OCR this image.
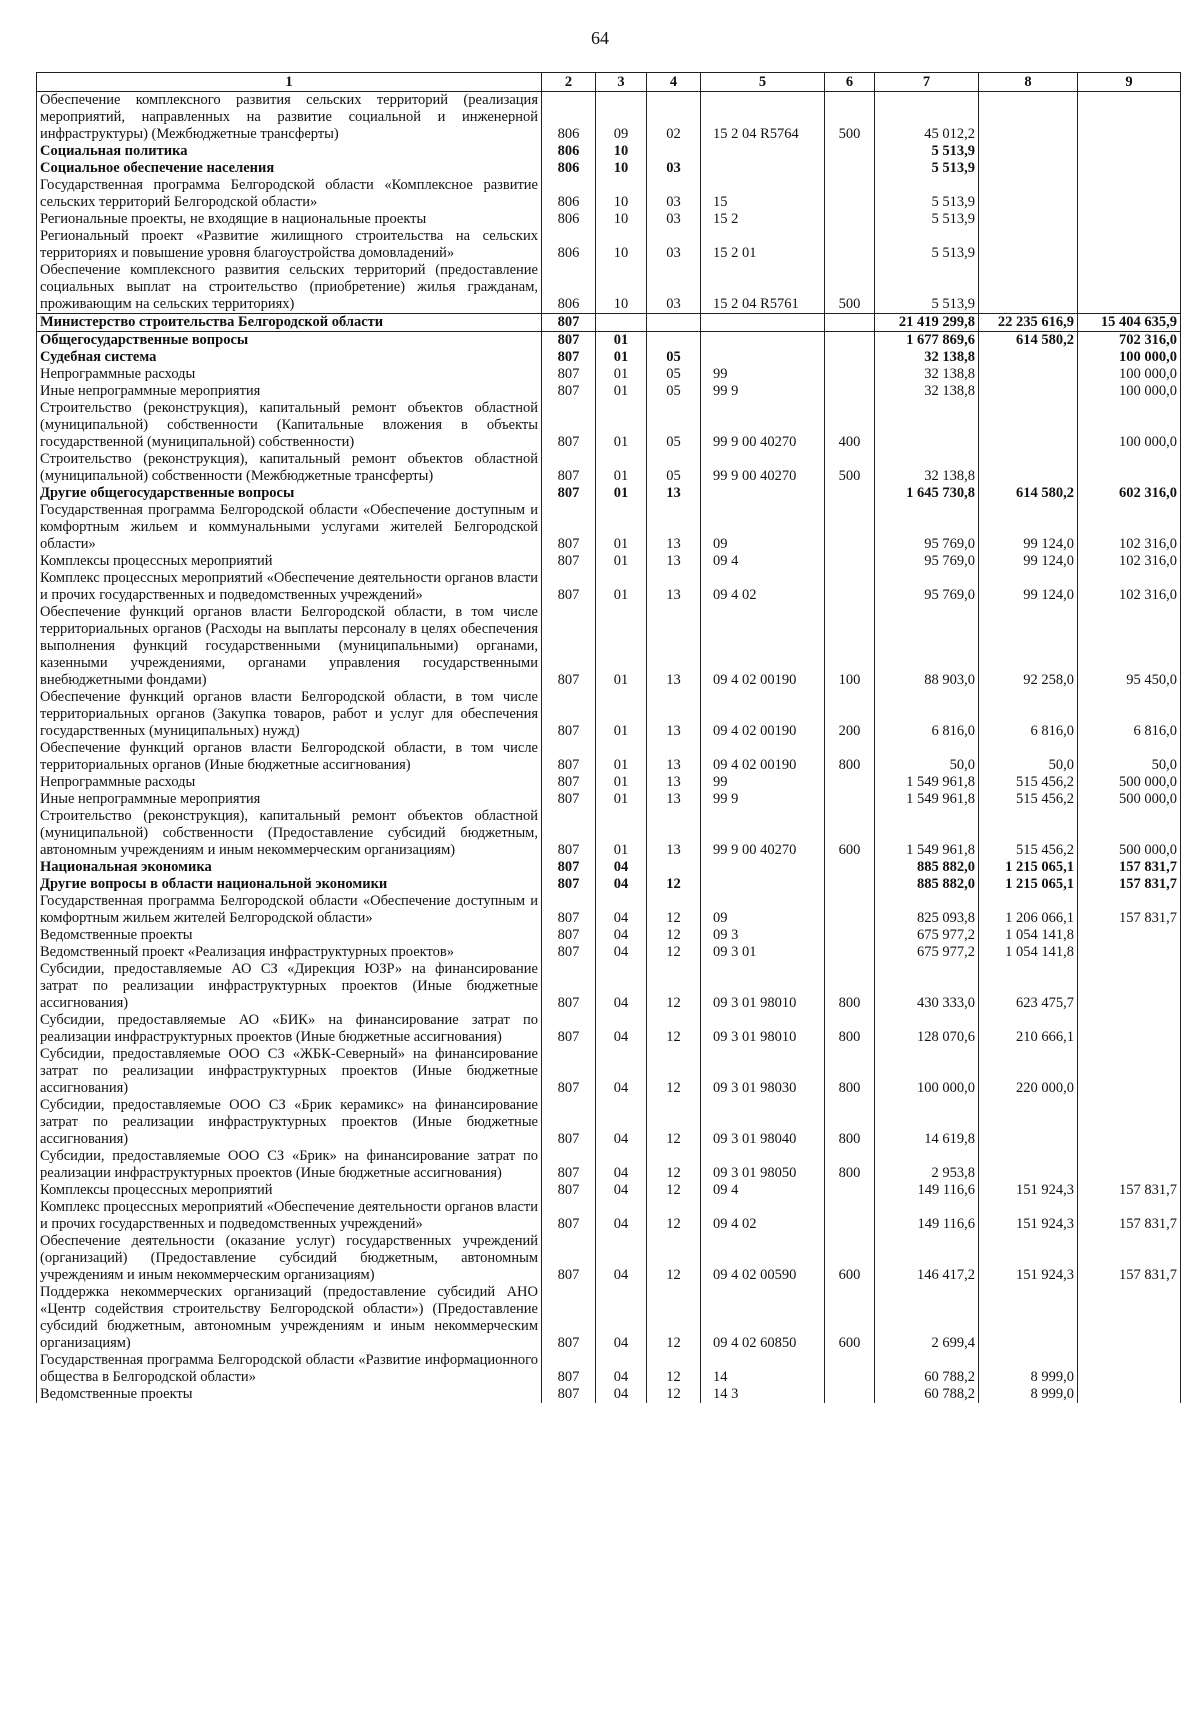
64
1	2	3	4	5	6	7	8	9
Обеспечение комплексного развития сельских территорий (реализация мероприятий, направленных на развитие социальной и инженерной инфраструктуры) (Межбюджетные трансферты)	806	09	02	15 2 04 R5764	500	45 012,2		
Социальная политика	806	10				5 513,9		
Социальное обеспечение населения	806	10	03			5 513,9		
Государственная программа Белгородской области «Комплексное развитие сельских территорий Белгородской области»	806	10	03	15		5 513,9		
Региональные проекты, не входящие в национальные проекты	806	10	03	15 2		5 513,9		
Региональный проект «Развитие жилищного строительства на сельских территориях и повышение уровня благоустройства домовладений»	806	10	03	15 2 01		5 513,9		
Обеспечение комплексного развития сельских территорий (предоставление социальных выплат на строительство (приобретение) жилья гражданам, проживающим на сельских территориях)	806	10	03	15 2 04 R5761	500	5 513,9		
Министерство строительства Белгородской области	807					21 419 299,8	22 235 616,9	15 404 635,9
Общегосударственные вопросы	807	01				1 677 869,6	614 580,2	702 316,0
Судебная система	807	01	05			32 138,8		100 000,0
Непрограммные расходы	807	01	05	99		32 138,8		100 000,0
Иные непрограммные мероприятия	807	01	05	99 9		32 138,8		100 000,0
Строительство (реконструкция), капитальный ремонт объектов областной (муниципальной) собственности (Капитальные вложения в объекты государственной (муниципальной) собственности)	807	01	05	99 9 00 40270	400			100 000,0
Строительство (реконструкция), капитальный ремонт объектов областной (муниципальной) собственности (Межбюджетные трансферты)	807	01	05	99 9 00 40270	500	32 138,8		
Другие общегосударственные вопросы	807	01	13			1 645 730,8	614 580,2	602 316,0
Государственная программа Белгородской области «Обеспечение доступным и комфортным жильем и коммунальными услугами жителей Белгородской области»	807	01	13	09		95 769,0	99 124,0	102 316,0
Комплексы процессных мероприятий	807	01	13	09 4		95 769,0	99 124,0	102 316,0
Комплекс процессных мероприятий «Обеспечение деятельности органов власти и прочих государственных и подведомственных учреждений»	807	01	13	09 4 02		95 769,0	99 124,0	102 316,0
Обеспечение функций органов власти Белгородской области, в том числе территориальных органов (Расходы на выплаты персоналу в целях обеспечения выполнения функций государственными (муниципальными) органами, казенными учреждениями, органами управления государственными внебюджетными фондами)	807	01	13	09 4 02 00190	100	88 903,0	92 258,0	95 450,0
Обеспечение функций органов власти Белгородской области, в том числе территориальных органов (Закупка товаров, работ и услуг для обеспечения государственных (муниципальных) нужд)	807	01	13	09 4 02 00190	200	6 816,0	6 816,0	6 816,0
Обеспечение функций органов власти Белгородской области, в том числе территориальных органов (Иные бюджетные ассигнования)	807	01	13	09 4 02 00190	800	50,0	50,0	50,0
Непрограммные расходы	807	01	13	99		1 549 961,8	515 456,2	500 000,0
Иные непрограммные мероприятия	807	01	13	99 9		1 549 961,8	515 456,2	500 000,0
Строительство (реконструкция), капитальный ремонт объектов областной (муниципальной) собственности (Предоставление субсидий бюджетным, автономным учреждениям и иным некоммерческим организациям)	807	01	13	99 9 00 40270	600	1 549 961,8	515 456,2	500 000,0
Национальная экономика	807	04				885 882,0	1 215 065,1	157 831,7
Другие вопросы в области национальной экономики	807	04	12			885 882,0	1 215 065,1	157 831,7
Государственная программа Белгородской области «Обеспечение доступным и комфортным жильем жителей Белгородской области»	807	04	12	09		825 093,8	1 206 066,1	157 831,7
Ведомственные проекты	807	04	12	09 3		675 977,2	1 054 141,8	
Ведомственный проект «Реализация инфраструктурных проектов»	807	04	12	09 3 01		675 977,2	1 054 141,8	
Субсидии, предоставляемые АО СЗ «Дирекция ЮЗР» на финансирование затрат по реализации инфраструктурных проектов (Иные бюджетные ассигнования)	807	04	12	09 3 01 98010	800	430 333,0	623 475,7	
Субсидии, предоставляемые АО «БИК» на финансирование затрат по реализации инфраструктурных проектов (Иные бюджетные ассигнования)	807	04	12	09 3 01 98010	800	128 070,6	210 666,1	
Субсидии, предоставляемые ООО СЗ «ЖБК-Северный» на финансирование затрат по реализации инфраструктурных проектов (Иные бюджетные ассигнования)	807	04	12	09 3 01 98030	800	100 000,0	220 000,0	
Субсидии, предоставляемые ООО СЗ «Брик керамикс» на финансирование затрат по реализации инфраструктурных проектов (Иные бюджетные ассигнования)	807	04	12	09 3 01 98040	800	14 619,8		
Субсидии, предоставляемые ООО СЗ «Брик» на финансирование затрат по реализации инфраструктурных проектов (Иные бюджетные ассигнования)	807	04	12	09 3 01 98050	800	2 953,8		
Комплексы процессных мероприятий	807	04	12	09 4		149 116,6	151 924,3	157 831,7
Комплекс процессных мероприятий «Обеспечение деятельности органов власти и прочих государственных и подведомственных учреждений»	807	04	12	09 4 02		149 116,6	151 924,3	157 831,7
Обеспечение деятельности (оказание услуг) государственных учреждений (организаций) (Предоставление субсидий бюджетным, автономным учреждениям и иным некоммерческим организациям)	807	04	12	09 4 02 00590	600	146 417,2	151 924,3	157 831,7
Поддержка некоммерческих организаций (предоставление субсидий АНО «Центр содействия строительству Белгородской области») (Предоставление субсидий бюджетным, автономным учреждениям и иным некоммерческим организациям)	807	04	12	09 4 02 60850	600	2 699,4		
Государственная программа Белгородской области «Развитие информационного общества в Белгородской области»	807	04	12	14		60 788,2	8 999,0	
Ведомственные проекты	807	04	12	14 3		60 788,2	8 999,0	
